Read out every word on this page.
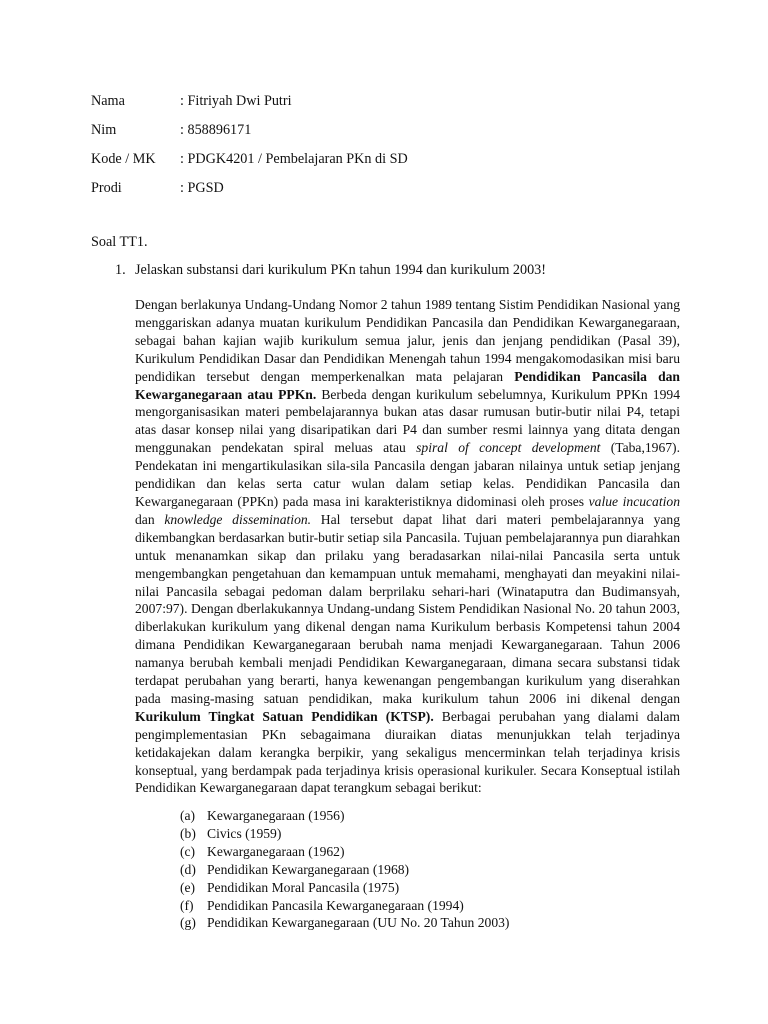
Nama	: Fitriyah Dwi Putri
Nim	: 858896171
Kode / MK	: PDGK4201 / Pembelajaran PKn di SD
Prodi	: PGSD
Soal TT1.
1. Jelaskan substansi dari kurikulum PKn tahun 1994 dan kurikulum 2003!

Dengan berlakunya Undang-Undang Nomor 2 tahun 1989 tentang Sistim Pendidikan Nasional yang menggariskan adanya muatan kurikulum Pendidikan Pancasila dan Pendidikan Kewarganegaraan, sebagai bahan kajian wajib kurikulum semua jalur, jenis dan jenjang pendidikan (Pasal 39), Kurikulum Pendidikan Dasar dan Pendidikan Menengah tahun 1994 mengakomodasikan misi baru pendidikan tersebut dengan memperkenalkan mata pelajaran Pendidikan Pancasila dan Kewarganegaraan atau PPKn. Berbeda dengan kurikulum sebelumnya, Kurikulum PPKn 1994 mengorganisasikan materi pembelajarannya bukan atas dasar rumusan butir-butir nilai P4, tetapi atas dasar konsep nilai yang disaripatikan dari P4 dan sumber resmi lainnya yang ditata dengan menggunakan pendekatan spiral meluas atau spiral of concept development (Taba,1967). Pendekatan ini mengartikulasikan sila-sila Pancasila dengan jabaran nilainya untuk setiap jenjang pendidikan dan kelas serta catur wulan dalam setiap kelas. Pendidikan Pancasila dan Kewarganegaraan (PPKn) pada masa ini karakteristiknya didominasi oleh proses value incucation dan knowledge dissemination. Hal tersebut dapat lihat dari materi pembelajarannya yang dikembangkan berdasarkan butir-butir setiap sila Pancasila. Tujuan pembelajarannya pun diarahkan untuk menanamkan sikap dan prilaku yang beradasarkan nilai-nilai Pancasila serta untuk mengembangkan pengetahuan dan kemampuan untuk memahami, menghayati dan meyakini nilai-nilai Pancasila sebagai pedoman dalam berprilaku sehari-hari (Winataputra dan Budimansyah, 2007:97). Dengan dberlakukannya Undang-undang Sistem Pendidikan Nasional No. 20 tahun 2003, diberlakukan kurikulum yang dikenal dengan nama Kurikulum berbasis Kompetensi tahun 2004 dimana Pendidikan Kewarganegaraan berubah nama menjadi Kewarganegaraan. Tahun 2006 namanya berubah kembali menjadi Pendidikan Kewarganegaraan, dimana secara substansi tidak terdapat perubahan yang berarti, hanya kewenangan pengembangan kurikulum yang diserahkan pada masing-masing satuan pendidikan, maka kurikulum tahun 2006 ini dikenal dengan Kurikulum Tingkat Satuan Pendidikan (KTSP). Berbagai perubahan yang dialami dalam pengimplementasian PKn sebagaimana diuraikan diatas menunjukkan telah terjadinya ketidakajekan dalam kerangka berpikir, yang sekaligus mencerminkan telah terjadinya krisis konseptual, yang berdampak pada terjadinya krisis operasional kurikuler. Secara Konseptual istilah Pendidikan Kewarganegaraan dapat terangkum sebagai berikut:

(a) Kewarganegaraan (1956)
(b) Civics (1959)
(c) Kewarganegaraan (1962)
(d) Pendidikan Kewarganegaraan (1968)
(e) Pendidikan Moral Pancasila (1975)
(f) Pendidikan Pancasila Kewarganegaraan (1994)
(g) Pendidikan Kewarganegaraan (UU No. 20 Tahun 2003)
